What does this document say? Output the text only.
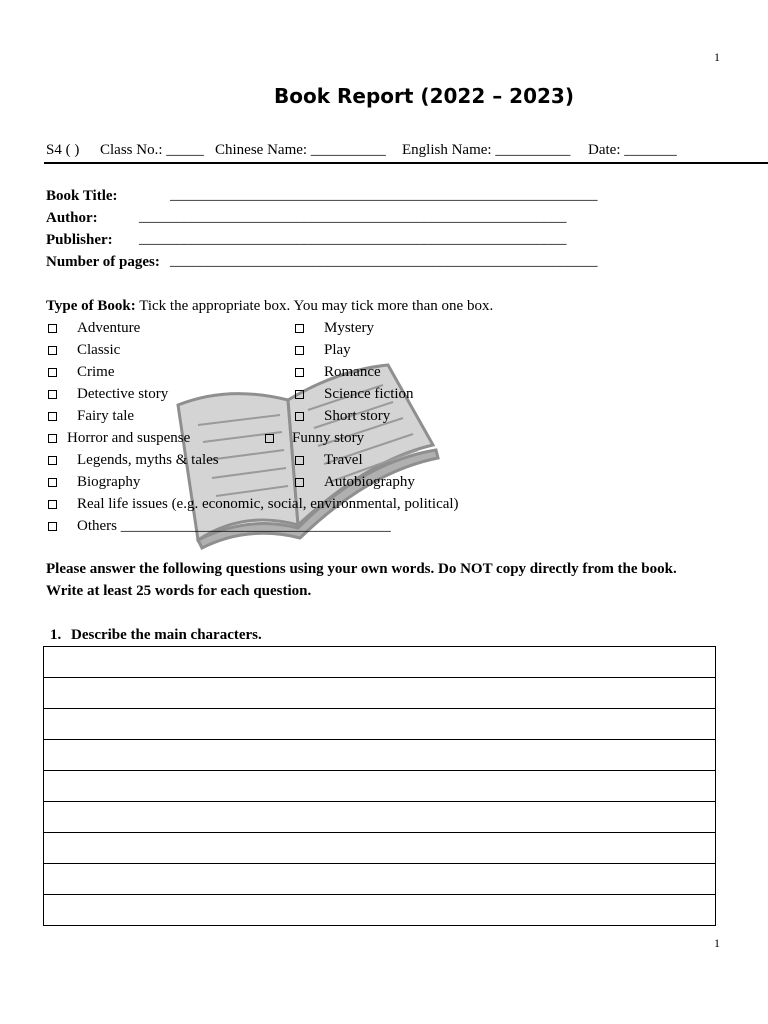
1
Book Report (2022 – 2023)
S4 ( ) Class No.: _____ Chinese Name: __________ English Name: __________ Date: _______
Book Title:	_________________________________________________________
Author:	_________________________________________________________
Publisher: _________________________________________________________
Number of pages: _________________________________________________________
Type of Book: Tick the appropriate box. You may tick more than one box.
Adventure
Classic
Crime
Detective story
Fairy tale
Horror and suspense
Legends, myths & tales
Biography
Real life issues (e.g. economic, social, environmental, political)
Others ____________________________________
Mystery
Play
Romance
Science fiction
Short story
Funny story
Travel
Autobiography
Please answer the following questions using your own words. Do NOT copy directly from the book.
Write at least 25 words for each question.
1. Describe the main characters.

1
